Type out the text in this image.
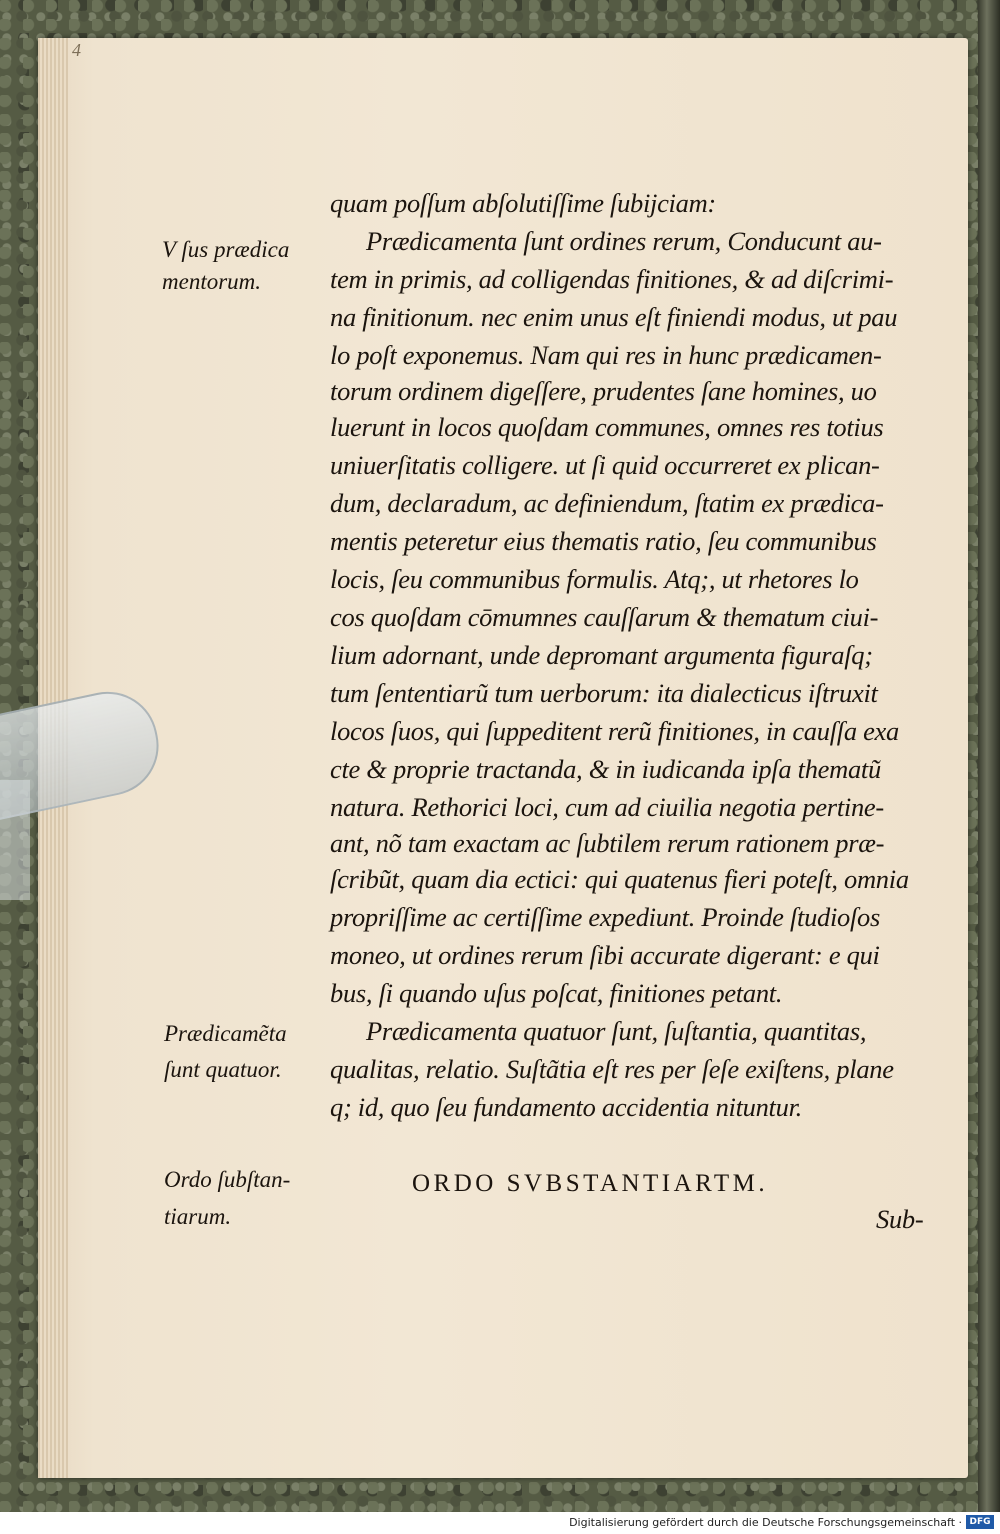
4
V ſus prædica
mentorum.
Prædicamẽta
ſunt quatuor.
Ordo ſubſtan-
tiarum.
quam poſſum abſolutiſſime ſubijciam:
Prædicamenta ſunt ordines rerum, Conducunt au-
tem in primis, ad colligendas finitiones, & ad diſcrimi-
na finitionum. nec enim unus eſt finiendi modus, ut pau
lo poſt exponemus. Nam qui res in hunc prædicamen-
torum ordinem digeſſere, prudentes ſane homines, uo
luerunt in locos quoſdam communes, omnes res totius
uniuerſitatis colligere. ut ſi quid occurreret ex plican-
dum, declaradum, ac definiendum, ſtatim ex prædica-
mentis peteretur eius thematis ratio, ſeu communibus
locis, ſeu communibus formulis. Atq;, ut rhetores lo
cos quoſdam cōmumnes cauſſarum & thematum ciui-
lium adornant, unde depromant argumenta figuraſq;
tum ſententiarũ tum uerborum: ita dialecticus iſtruxit
locos ſuos, qui ſuppeditent rerũ finitiones, in cauſſa exa
cte & proprie tractanda, & in iudicanda ipſa thematũ
natura. Rethorici loci, cum ad ciuilia negotia pertine-
ant, nõ tam exactam ac ſubtilem rerum rationem præ-
ſcribũt, quam dia ectici: qui quatenus fieri poteſt, omnia
propriſſime ac certiſſime expediunt. Proinde ſtudioſos
moneo, ut ordines rerum ſibi accurate digerant: e qui
bus, ſi quando uſus poſcat, finitiones petant.
Prædicamenta quatuor ſunt, ſuſtantia, quantitas,
qualitas, relatio. Suſtãtia eſt res per ſeſe exiſtens, plane
q; id, quo ſeu fundamento accidentia nituntur.
ORDO SVBSTANTIARTM.
Sub-
Digitalisierung gefördert durch die Deutsche Forschungsgemeinschaft · DFG
